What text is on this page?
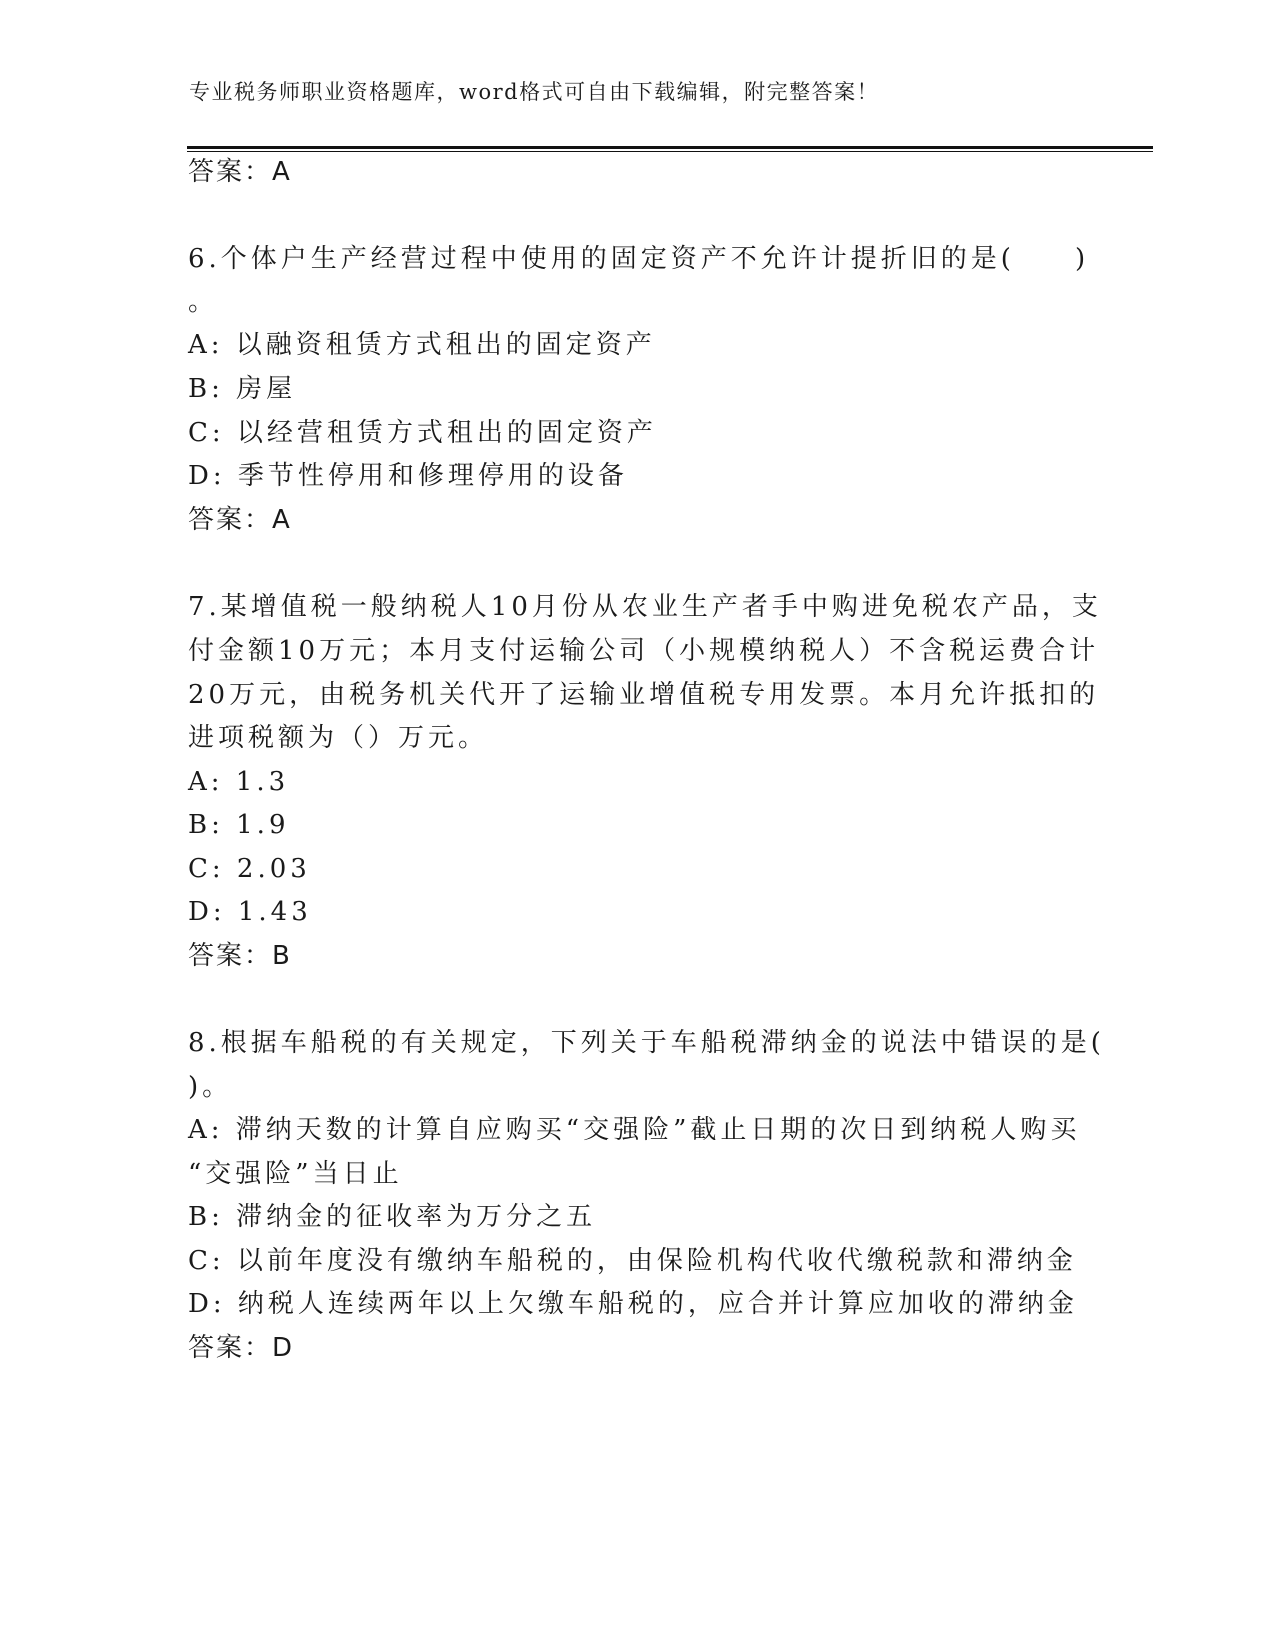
专业税务师职业资格题库，word格式可自由下载编辑，附完整答案！
答案：A
6.个体户生产经营过程中使用的固定资产不允许计提折旧的是(　　)
。
A: 以融资租赁方式租出的固定资产
B: 房屋
C: 以经营租赁方式租出的固定资产
D: 季节性停用和修理停用的设备
答案：A
7.某增值税一般纳税人10月份从农业生产者手中购进免税农产品，支
付金额10万元；本月支付运输公司（小规模纳税人）不含税运费合计
20万元，由税务机关代开了运输业增值税专用发票。本月允许抵扣的
进项税额为（）万元。
A: 1.3
B: 1.9
C: 2.03
D: 1.43
答案：B
8.根据车船税的有关规定，下列关于车船税滞纳金的说法中错误的是(
)。
A: 滞纳天数的计算自应购买“交强险”截止日期的次日到纳税人购买
“交强险”当日止
B: 滞纳金的征收率为万分之五
C: 以前年度没有缴纳车船税的，由保险机构代收代缴税款和滞纳金
D: 纳税人连续两年以上欠缴车船税的，应合并计算应加收的滞纳金
答案：D
